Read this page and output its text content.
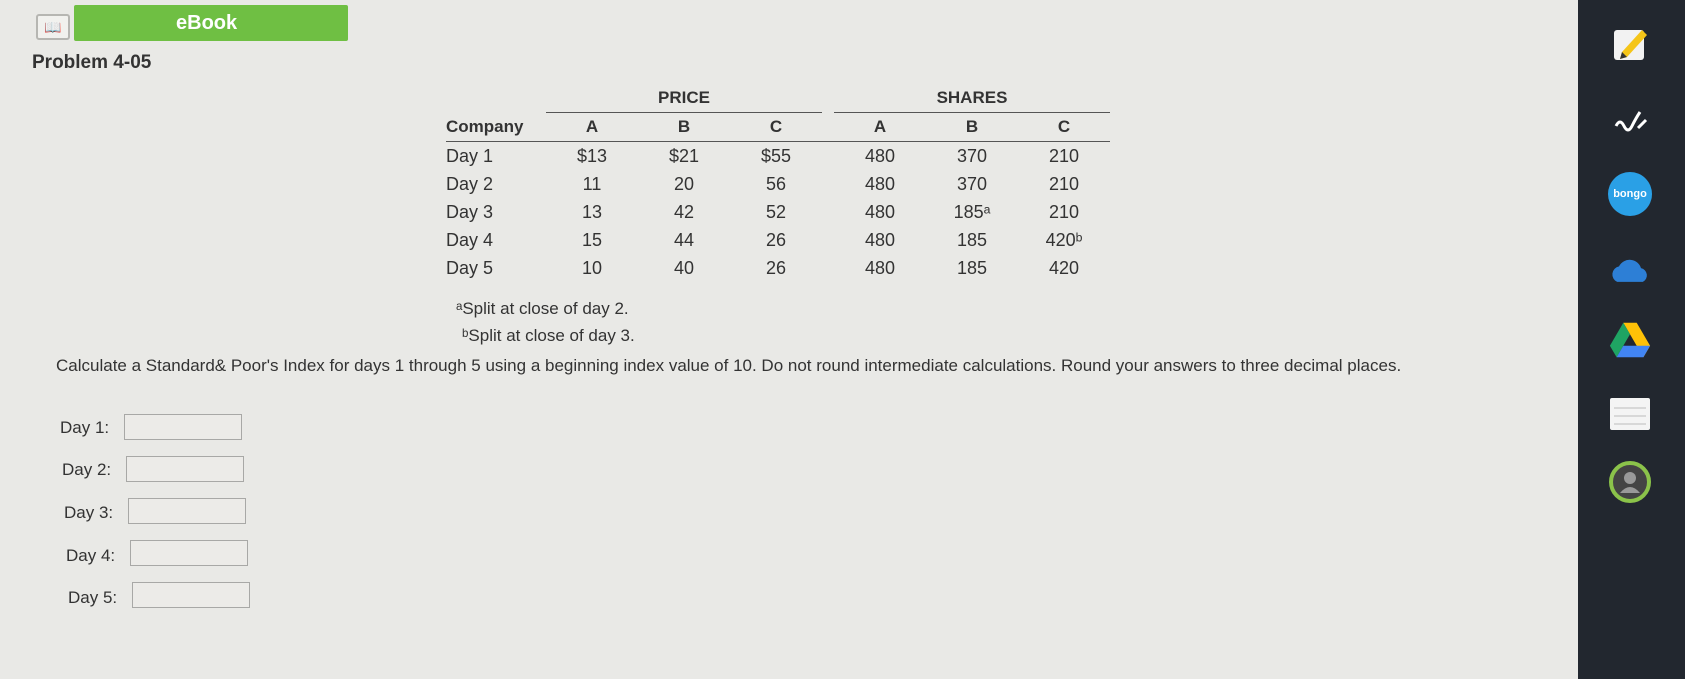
📖	eBook
Problem 4-05
	PRICE				SHARES		
Company	A	B	C		A	B	C
Day 1	$13	$21	$55		480	370	210
Day 2	11	20	56		480	370	210
Day 3	13	42	52		480	185ᵃ	210
Day 4	15	44	26		480	185	420ᵇ
Day 5	10	40	26		480	185	420
ᵃSplit at close of day 2.
ᵇSplit at close of day 3.
Calculate a Standard& Poor's Index for days 1 through 5 using a beginning index value of 10. Do not round intermediate calculations. Round your answers to three decimal places.
Day 1:
Day 2:
Day 3:
Day 4:
Day 5:
bongo
